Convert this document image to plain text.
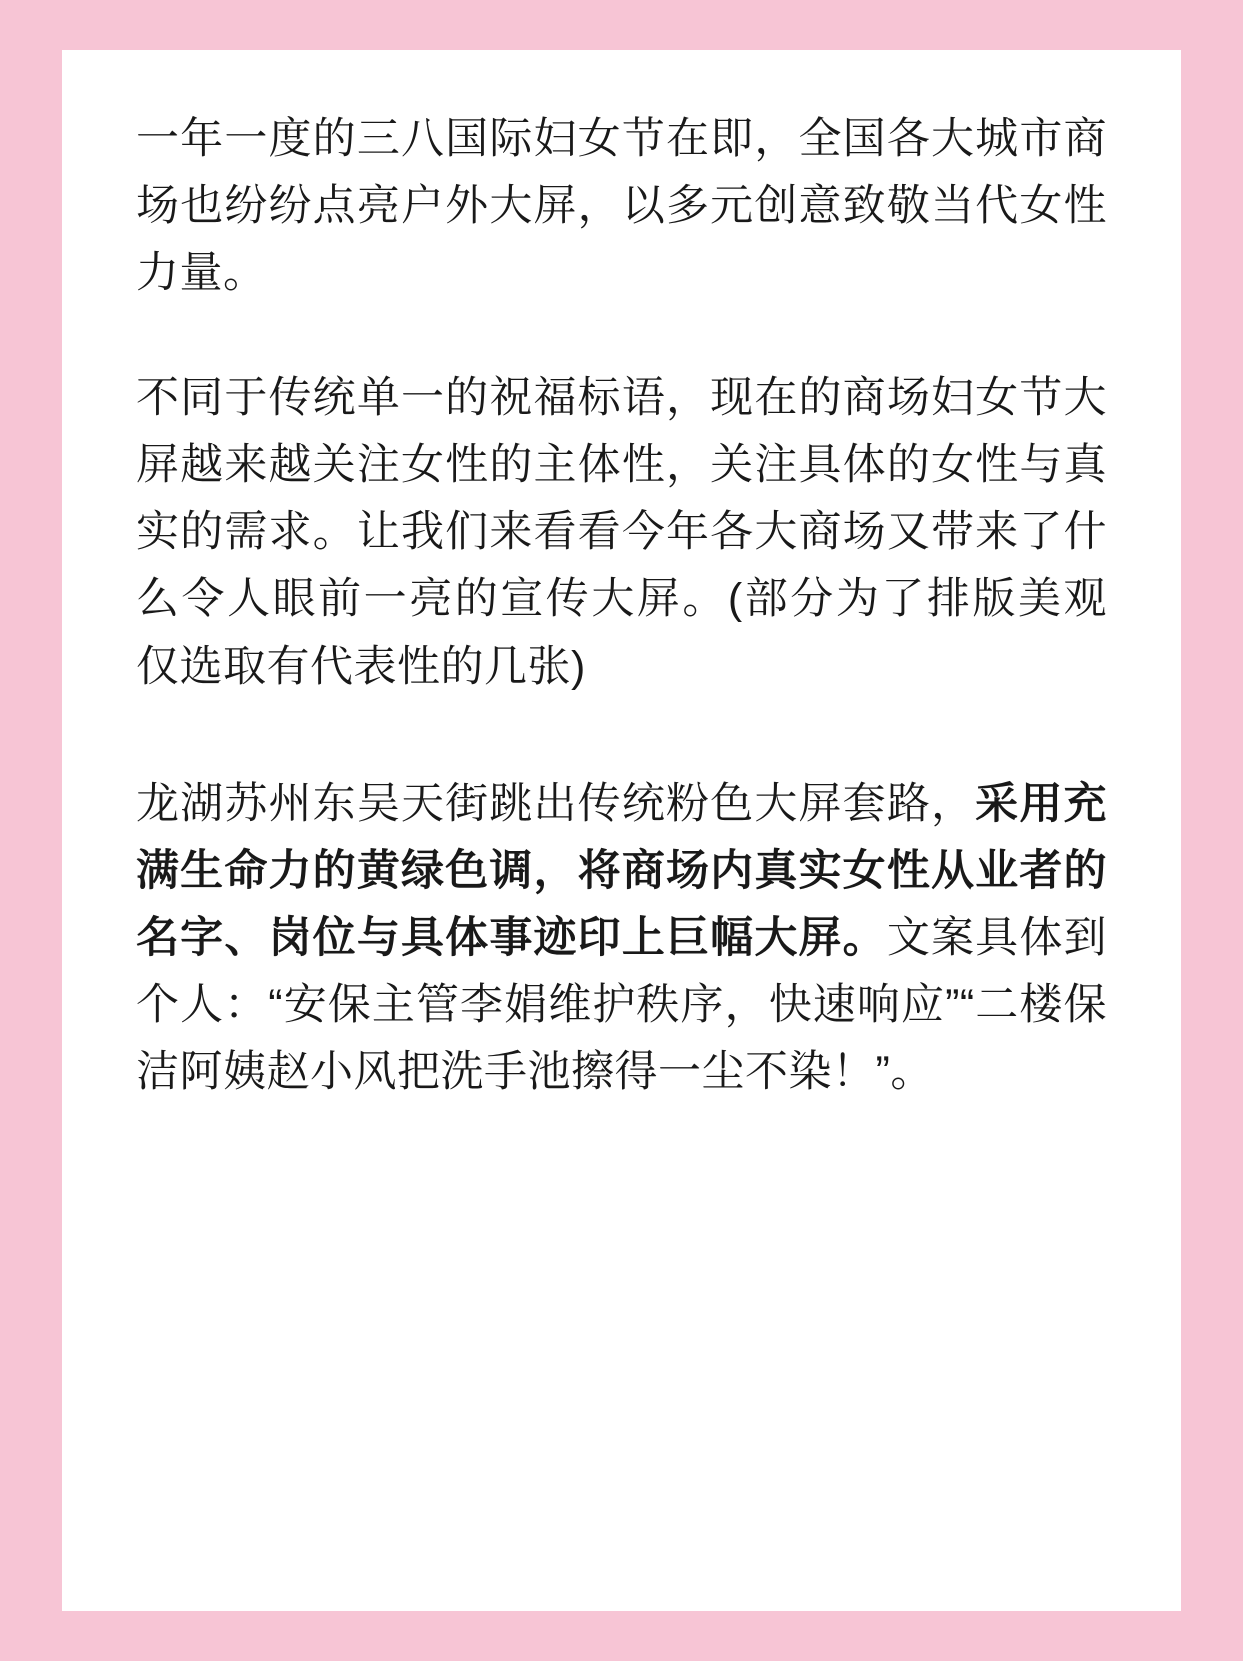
一年一度的三八国际妇女节在即，全国各大城市商场也纷纷点亮户外大屏，以多元创意致敬当代女性力量。

不同于传统单一的祝福标语，现在的商场妇女节大屏越来越关注女性的主体性，关注具体的女性与真实的需求。让我们来看看今年各大商场又带来了什么令人眼前一亮的宣传大屏。(部分为了排版美观仅选取有代表性的几张)

龙湖苏州东吴天街跳出传统粉色大屏套路，采用充满生命力的黄绿色调，将商场内真实女性从业者的名字、岗位与具体事迹印上巨幅大屏。文案具体到个人：“安保主管李娟维护秩序，快速响应”“二楼保洁阿姨赵小风把洗手池擦得一尘不染！”。
